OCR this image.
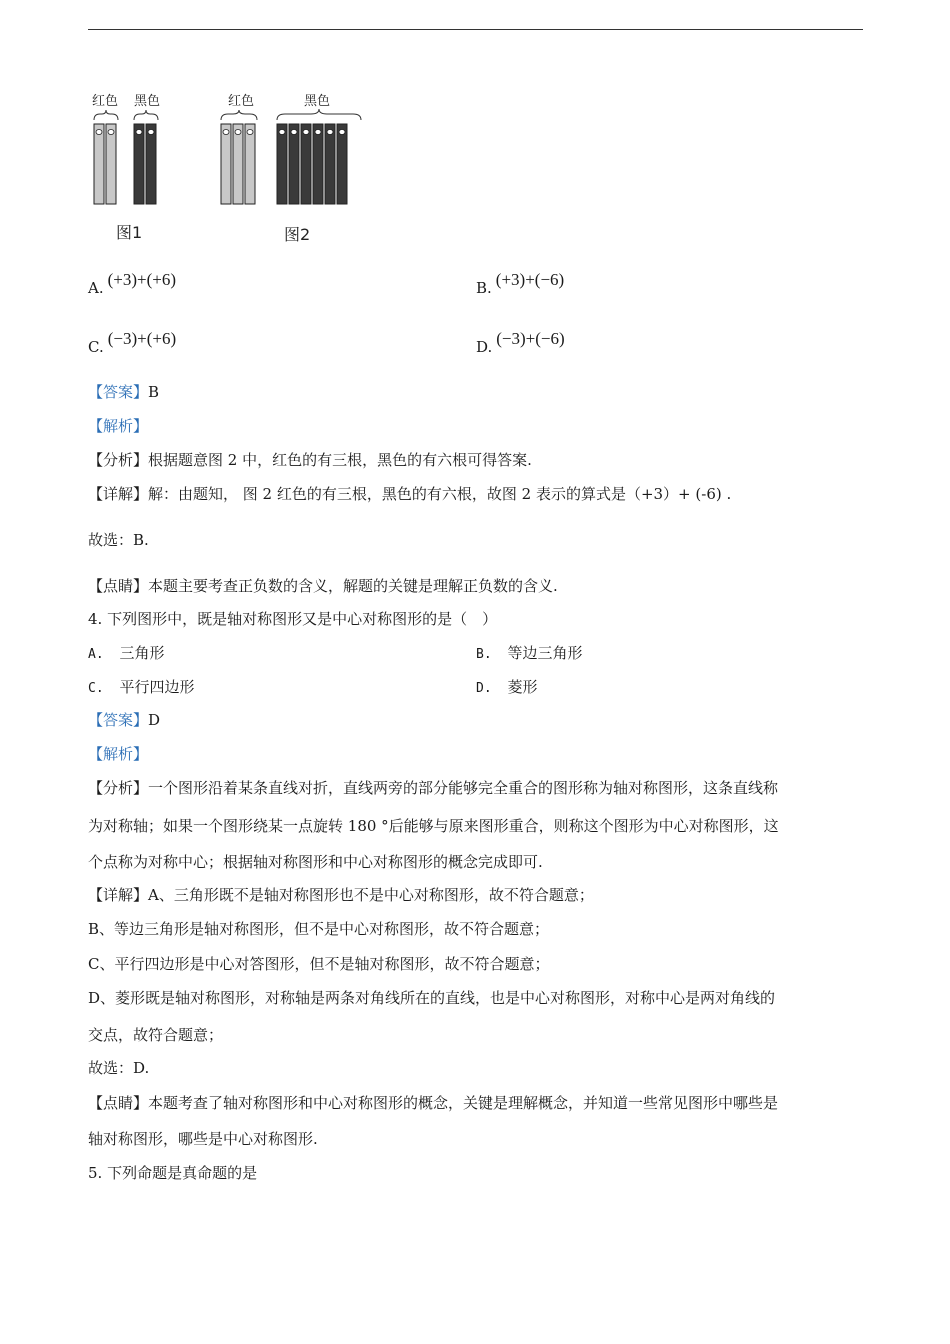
红色 黑色
图1
红色	黑色
图2
A. (+3)+(+6)	B. (+3)+(−6)
C. (−3)+(+6)	D. (−3)+(−6)
【答案】B
【解析】
【分析】根据题意图 2 中，红色的有三根，黑色的有六根可得答案.
【详解】解：由题知， 图 2 红色的有三根，黑色的有六根，故图 2 表示的算式是（+3）+ (-6) .
故选：B.
【点睛】本题主要考查正负数的含义，解题的关键是理解正负数的含义.
4. 下列图形中，既是轴对称图形又是中心对称图形的是（　）
A. 三角形	B. 等边三角形
C. 平行四边形	D. 菱形
【答案】D
【解析】
【分析】一个图形沿着某条直线对折，直线两旁的部分能够完全重合的图形称为轴对称图形，这条直线称
为对称轴；如果一个图形绕某一点旋转 180 °后能够与原来图形重合，则称这个图形为中心对称图形，这
个点称为对称中心；根据轴对称图形和中心对称图形的概念完成即可.
【详解】A、三角形既不是轴对称图形也不是中心对称图形，故不符合题意；
B、等边三角形是轴对称图形，但不是中心对称图形，故不符合题意；
C、平行四边形是中心对答图形，但不是轴对称图形，故不符合题意；
D、菱形既是轴对称图形，对称轴是两条对角线所在的直线，也是中心对称图形，对称中心是两对角线的
交点，故符合题意；
故选：D.
【点睛】本题考查了轴对称图形和中心对称图形的概念，关键是理解概念，并知道一些常见图形中哪些是
轴对称图形，哪些是中心对称图形.
5. 下列命题是真命题的是
